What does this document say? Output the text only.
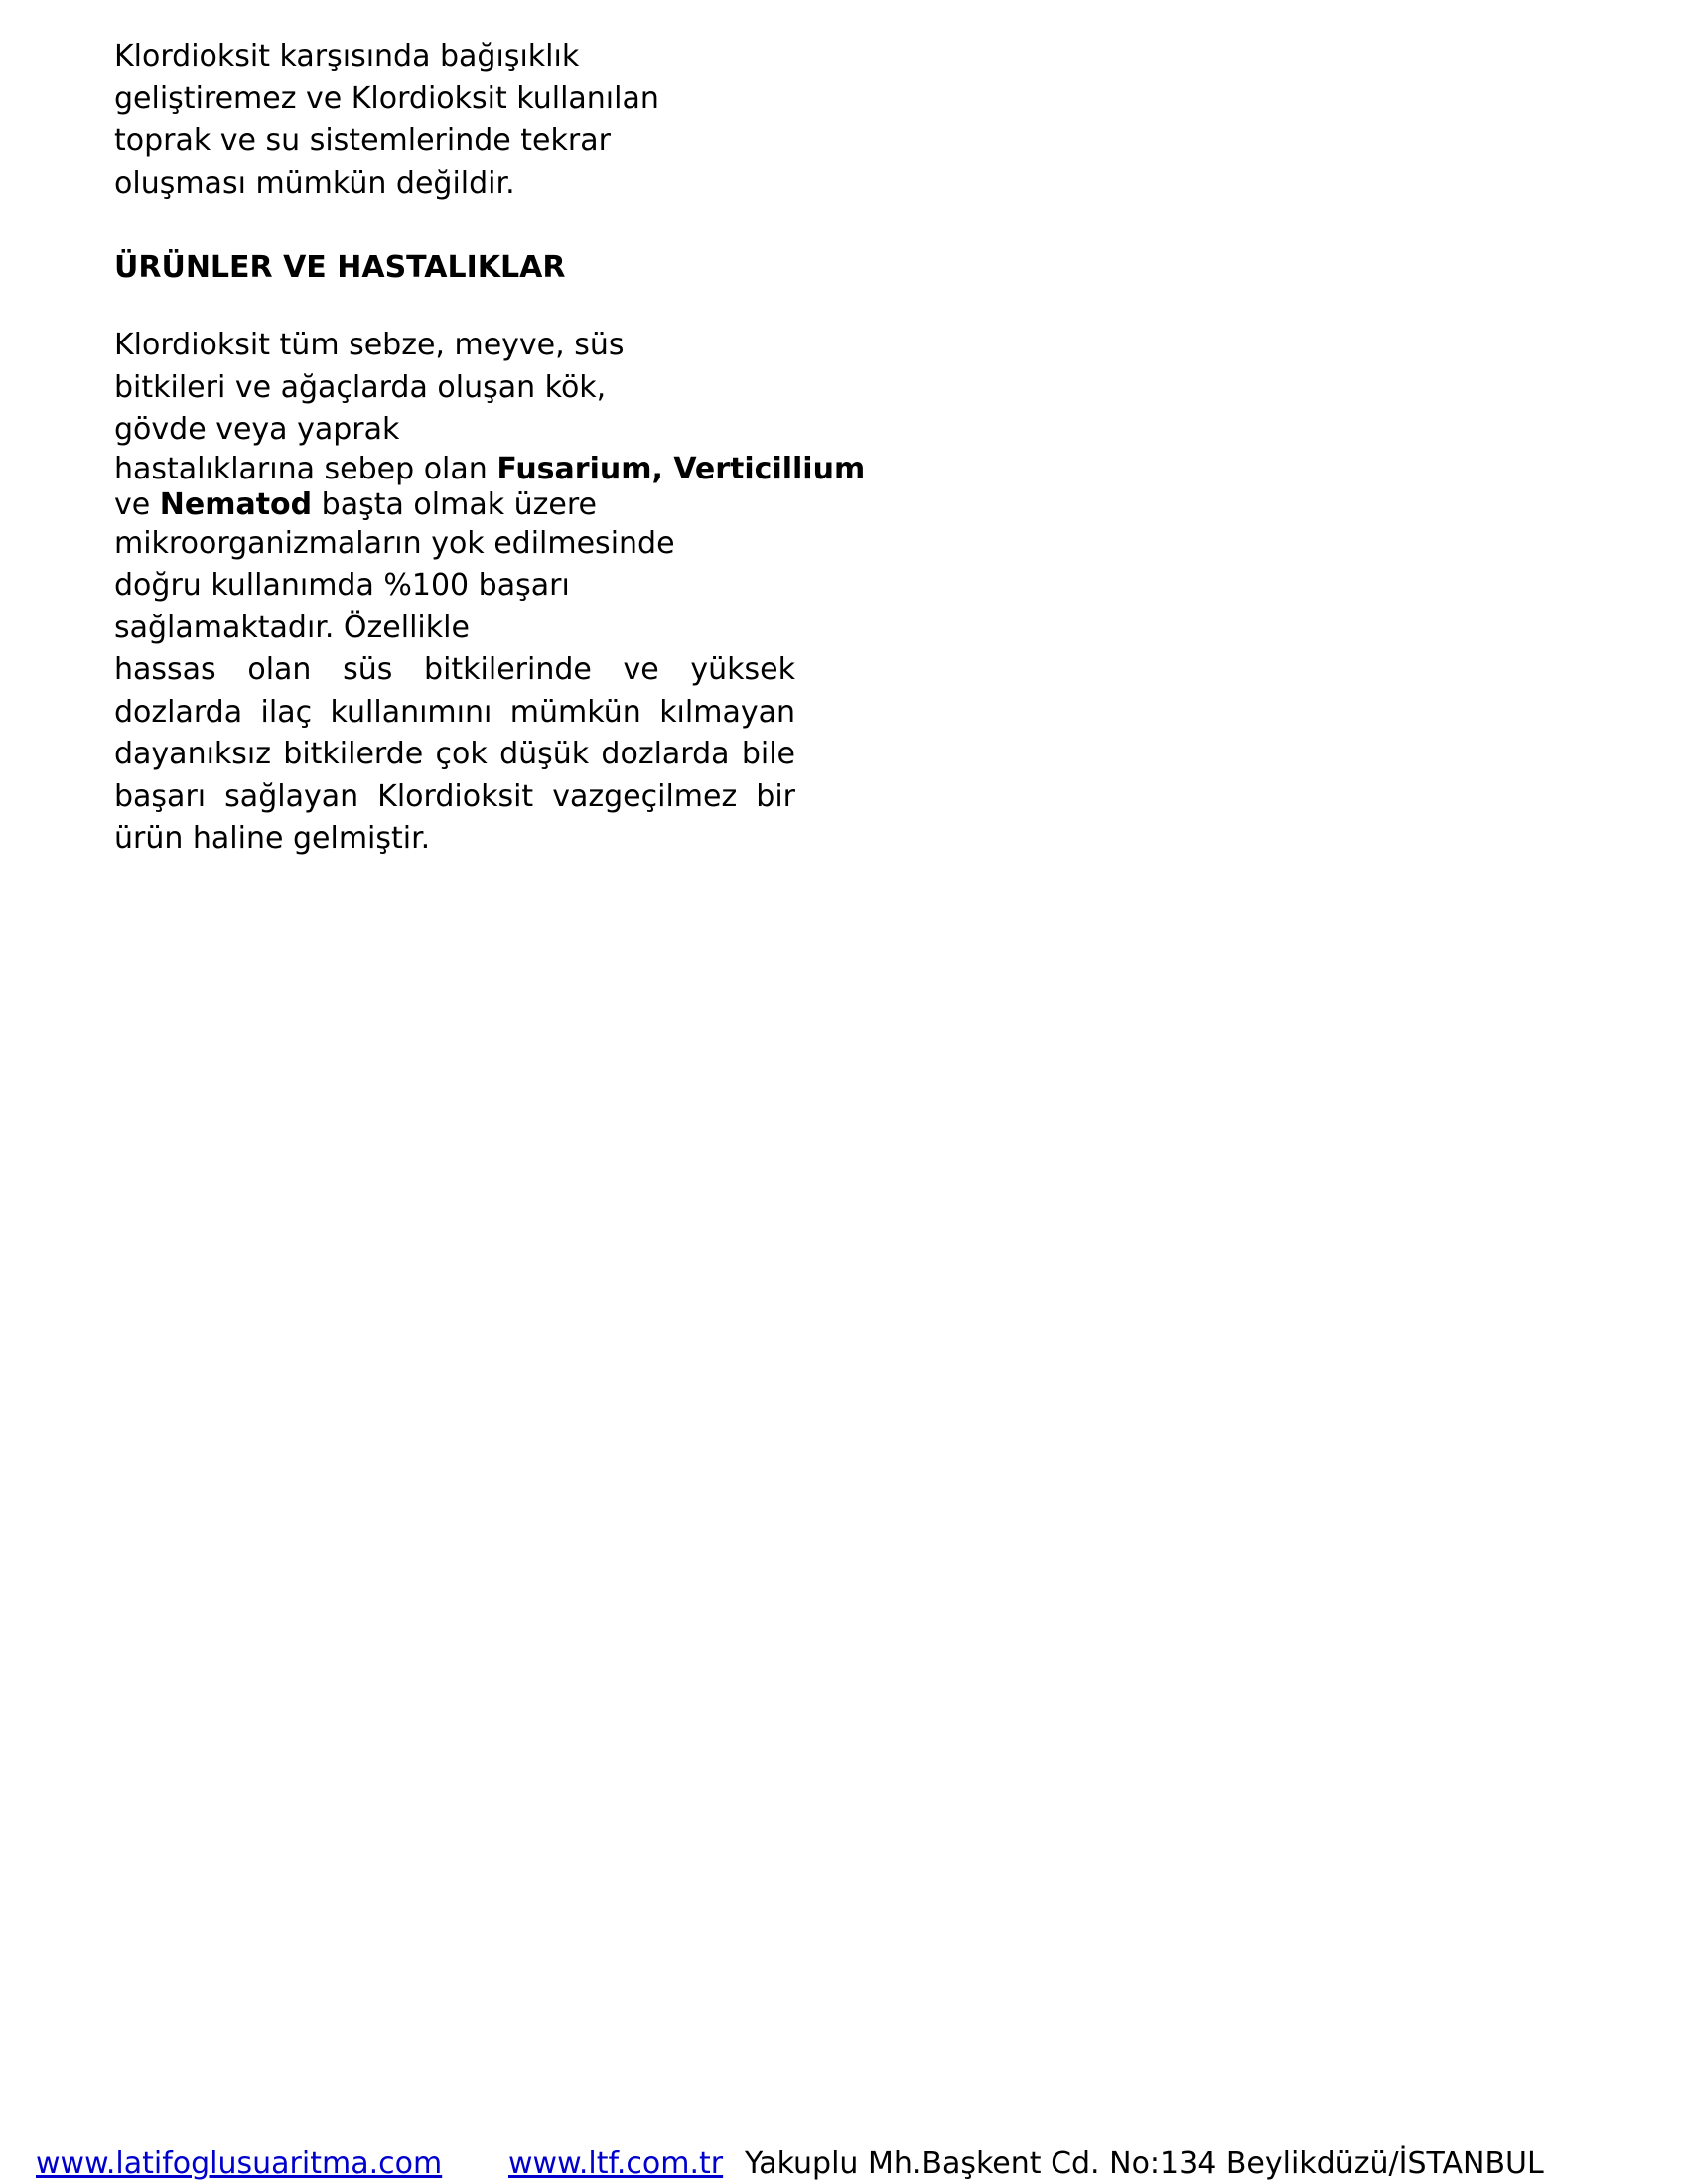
Klordioksit karşısında bağışıklık
geliştiremez ve Klordioksit kullanılan
toprak ve su sistemlerinde tekrar
oluşması mümkün değildir.

ÜRÜNLER VE HASTALIKLAR

Klordioksit tüm sebze, meyve, süs
bitkileri ve ağaçlarda oluşan kök,
gövde veya yaprak
hastalıklarına sebep olan Fusarium, Verticillium
ve Nematod başta olmak üzere
mikroorganizmaların yok edilmesinde
doğru kullanımda %100 başarı
sağlamaktadır. Özellikle
hassas olan süs bitkilerinde ve yüksek
dozlarda ilaç kullanımını mümkün kılmayan
dayanıksız bitkilerde çok düşük dozlarda bile
başarı sağlayan Klordioksit vazgeçilmez bir
ürün haline gelmiştir.

www.latifoglusuaritma.com www.ltf.com.tr Yakuplu Mh.Başkent Cd. No:134 Beylikdüzü/İSTANBUL
